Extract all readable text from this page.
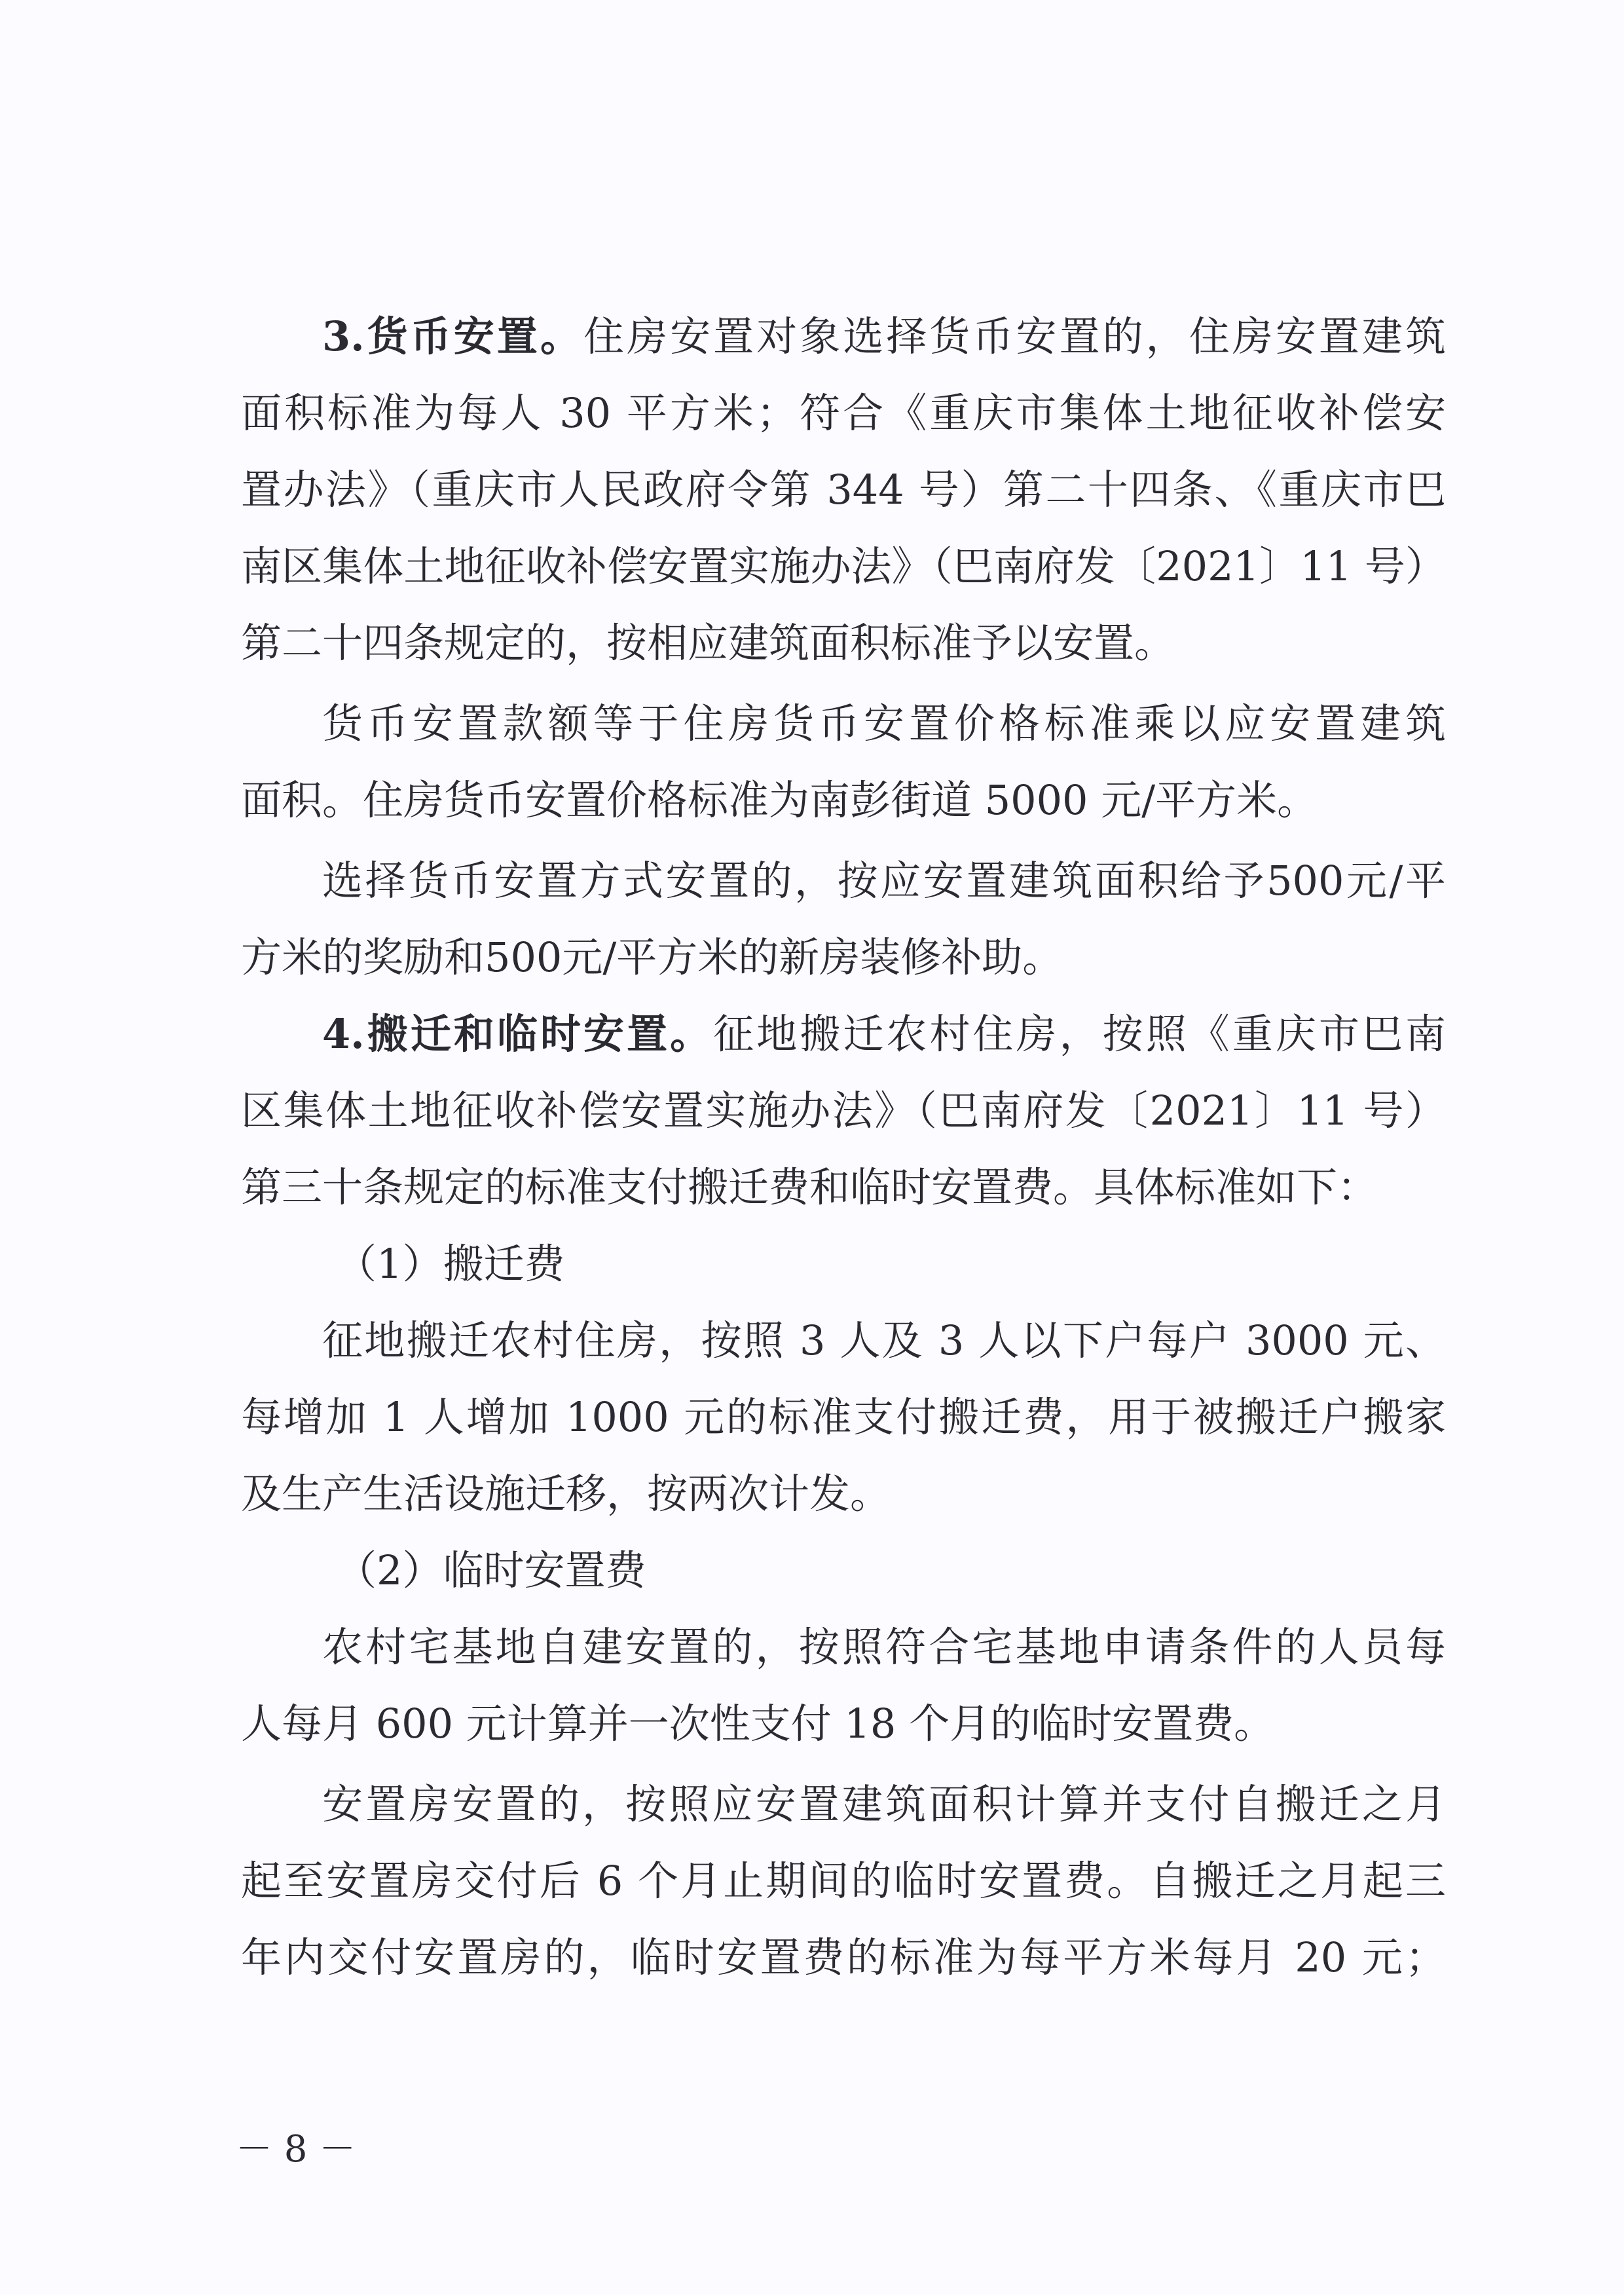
3.货币安置。住房安置对象选择货币安置的，住房安置建筑
面积标准为每人 30 平方米；符合《重庆市集体土地征收补偿安
置办法》（重庆市人民政府令第 344 号）第二十四条、《重庆市巴
南区集体土地征收补偿安置实施办法》（巴南府发〔2021〕11 号）
第二十四条规定的，按相应建筑面积标准予以安置。
货币安置款额等于住房货币安置价格标准乘以应安置建筑
面积。住房货币安置价格标准为南彭街道 5000 元/平方米。
选择货币安置方式安置的，按应安置建筑面积给予500元/平
方米的奖励和500元/平方米的新房装修补助。
4.搬迁和临时安置。征地搬迁农村住房，按照《重庆市巴南
区集体土地征收补偿安置实施办法》（巴南府发〔2021〕11 号）
第三十条规定的标准支付搬迁费和临时安置费。具体标准如下：
（1）搬迁费
征地搬迁农村住房，按照 3 人及 3 人以下户每户 3000 元、
每增加 1 人增加 1000 元的标准支付搬迁费，用于被搬迁户搬家
及生产生活设施迁移，按两次计发。
（2）临时安置费
农村宅基地自建安置的，按照符合宅基地申请条件的人员每
人每月 600 元计算并一次性支付 18 个月的临时安置费。
安置房安置的，按照应安置建筑面积计算并支付自搬迁之月
起至安置房交付后 6 个月止期间的临时安置费。自搬迁之月起三
年内交付安置房的，临时安置费的标准为每平方米每月 20 元；
－ 8 －
